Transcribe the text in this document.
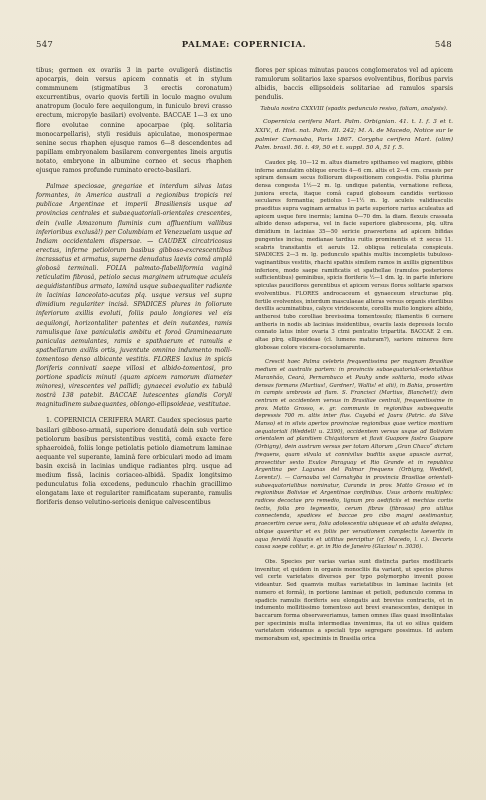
547	PALMAE: COPERNICIA.	548

tibus; germen ex ovariis 3 in parte ovuligerâ distinctis apocarpis, dein versus apicem connatis et in stylum commmunem (stigmatibus 3 erectis coronatum) excurrentibus, ovario quovis fertili in loculo magno ovulum anatropum (loculo fere aequilongum, in funiculo brevi crasso erectum, micropyle basilari) evolvente. BACCAE 1—3 ex uno flore evolutae connine apocarpae (plq. solitaria monocarpellaris), styli residuis apiculatae, monospermae senine secus rhaphen ejusque ramos 6—8 descendentes ad papillam embryonalem basilarem convergentes lineis argutis notato, embryone in albumine corneo et secus rhaphen ejusque ramos profunde ruminato erecto-basilari.

Palmae speciosae, gregariae et interdum silvas latas formantes, in America australi a regionibus tropicis rei publicae Argentinae et imperii Brasiliensis usque ad provincias centrales et subaequatoriali-orientales crescentes, dein (valle Amazonum fluminis cum affluentium vallibus inferioribus exclusâ!) per Columbiam et Venezuelam usque ad Indiam occidentalem dispersae. — CAUDEX circatricosus erectus, inferne petiolorum basibus gibboso-excrescentibus incrassatus et armatus, superne denudatus laevis comâ amplâ globosâ terminali. FOLIA palmato-flabelliformia vaginâ reticulatim fibrosâ, petiolo secus marginem utrumque aculeis aequidistantibus armato, laminâ usque subaequaliter radiante in lacinias lanceolato-acutas plq. usque versus vel supra dimidium regulariter incisâ. SPADICES plures in foliorum inferiorum axillis evoluti, foliis paulo longiores vel eis aequilongi, horizontaliter patentes et dein nutantes, ramis ramulisque laxe paniculatis ambitu et foroâ Gramineaarum paniculas aemulantes, ramis e spathaerum et ramulis e spathellarum axillis ortis, juventute omnino indumento molli-tomentoso denso albicante vestitis. FLORES laxius in spicis floriferis connivati saepe villosi et albido-tomentosi, pro portione spadicis minuti (quam apicem ramorum diameter minores), virescentes vel pallidi; gynaecei evolutio ex tabulâ nostrâ 138 patebit. BACCAE lutescentes glandis Coryli magnitudinem subaequantes, oblongo-ellipsoideae, vestitutae.

1. COPERNICIA CERIFERA MART. Caudex speciosus parte basilari gibboso-armatâ, superiore denudatâ dein sub vertice petiolorum basibus persistentibus vestitâ, comâ exacte fere sphaeroideâ, foliis longe petiolatis petiolo diametrum laminae aequante vel superante, laminâ fere orbiculari modo ad imam basin excisâ in lacinias undique radiantes plrq. usque ad medium fissâ, lacinis coriaceo-albidâ. Spadix longitsimo pedunculatus folia excedens, pedunculo rhachin gracillimo elongatam laxe et regulariter ramificatam superante, ramulis floriferis denso velutino-sericeis denique calvescentibus

flores per spicas minutas paucos conglomeratos vel ad apicem ramulorum solitarios laxe sparsos evolventibus, floribus parvis albidis, baccis ellipsoideis solitariae ad ramulos sparsis pendulis.

Tabula nostra CXXVIII (spadix pedunculo resiso, foliam, analysis).

Copernicia cerifera Mart. Palm. Orbignian. 41. t. I. f. 3 et t. XXIV., d. Hist. nat. Palm. III. 242; M. A. de Macedo, Notice sur le palmier Carnauba, Paris 1867. Corypha cerifera Mart. (olim) Palm. brasil. 56. t. 49, 50 et t. suppl. 50 A, 51 f. 5.

Caudex plq. 10—12 m. altus diametro spithameo vel magiore, gibbis inferne annulatim oblique erectis 4—6 cm. altis et 2—4 cm. crassis per spiram densam secus folliorum dispositionem congestis. Folia plurima densa congesta 1½—2 m. lg. undique patentia, vernatione reflexa, juniora erecta, itaque comâ capud globosum candidis vertiosso seculares formantia; petiolus 1—1½ m. lg. aculeis validiusculis praeditus supra vaginam armatus in parte superiore rarius aculeatus ad apicem usque fere inermis; lamina 0—70 dm. la diam. flexuis crassata albido denso adspersa, vel in facie superiore glabrescens, plq. ultra dimidium in lacinias 35—50 sericie praevertens ad apicem bifidas pungentes incisa; medianae tardius ruitis prominentis et ± secus 11. scabris transitantis et aeruis 12. obliqua reticulata conspicuis. SPADICES 2—3 m. lg. pedunculo spathis multis incompletis tubuloso-vaginantibus vestitis, rhachi spathis similem ramos in axillis gignentibus inferiore, modo saepe ramificatis et spathellae (ramulos posteriores sufficientibus) geminibus, spicis floriferis ½—1 dm. lg. in parte inferiore spiculas pauciflores gerentibus et apicem versus flores solitarie sparsos evolventibus. FLORES androcaceum et gynaeceum structurae plq. fertile evolventes, interdum masculaeae alteras versus organis sterilibus devillis acuminatibus, calyce viridescente, corollis multo longiore albido, antheresi tubo corolliae brevissima tomentosulo; filamentis 6 cernere antheris in nodis ab lacinias insidentibus, ovariis laxis depressis loculo connato latus inter ovaria 3 ctmi pentcatio tripartita. BACCAE 2 cm. altae plrq. ellipsoideae (cl. lumens maturam?), sariore minores fere globosae colore viscera-cocsolumarente.

Crescit haec Palma celebris frequentissima per magnam Brasiliae medium et australis partem: in provinciis subaequatoriali-orientalibus Maranhão, Ceará, Pernambuco et Pauhy unde solitaria, modo silvas densas formans (Martius!, Gardner!, Wallis! et alii), in Bahia, prosertim in campis umbrosis ad flum. S. Francisci (Martius, Blanchet!); dein centrum et occidentem versus in Brasiliae centrali, frequentissime in prov. Matto Grosso, e. gr. communis in regionibus subsequeutis depressis 700 m. altis inter flus. Cuyabá et Jauru (Patric. da Silva Manso) et in silvis apertos provinciae regionibus quae vertice montium aequatoriali (Weddell! u. 2390), occidentem versus usque ad Boliviam orientalem ad planitiem Chiquitorum et flavii Guapore fastro Guapore (Orbigny), dein austrum versus per totam Altorum „Gran Chaco“ dictam frequens, quam silvula ut connivilus buditis usque apuscie aurrat, provectitur sexto Exulce Paraguay et Rio Grande et in republica Argentina per Lagunas del Palmar frequens (Orbigny, Weddell, Lorentz!). — Carnauba vel Carnahyba in provincia Brasiliae orientali-subaequatorialibus nominatur, Caranda in prov. Matto Grosso et in regionibus Boliviae et Argentinae confinibus. Usus arboris multiplex: radices decoctae pro remedio, lignum pro aedificiis et mechias cortis tectis, folia pro tegmentis, cerum fibras (fibrosas) pro utilius connectenda, spadices et baccae pro cibo magni aestimantur, praecertim cerae sera, folia adolescentia ubiqueae et ab adulta delapsa, ubique quaeritur et ex foliis per versationem complectis laevertis in aqua fervidâ liquatis et utilitus percipitur (cf. Macedo, l. c.). Decoris causa saepe colitur, e. gr. in Rio de Janeiro (Glaziou! n. 3036).

Obs. Species per varias varias sunt distincta partes modilicaris invenitur, et quidem in organis monocliis ita variant, ut specios plures vel certe varietates diversos per typo polymorpho invenit posse videantur. Sed quamvis multas varietatibus in laminae laciniis (et numero et formâ), in portione laminae et petioli, pedunculo comma in spadicis ramulis floriferis seu elongatis aut brevius contractis, et in indumento mollitissimo tomentoso aut brevi evanescentes, denique in baccarum forma observaveriamus, tamen omnes illas quasi insollintalas per speciminis multa intermedias invenimus, ita ut eo silius quidem varietatem videamus a speciali typo segregare possimus. Id autem memorabum est, speciminis in Brasilia orica
